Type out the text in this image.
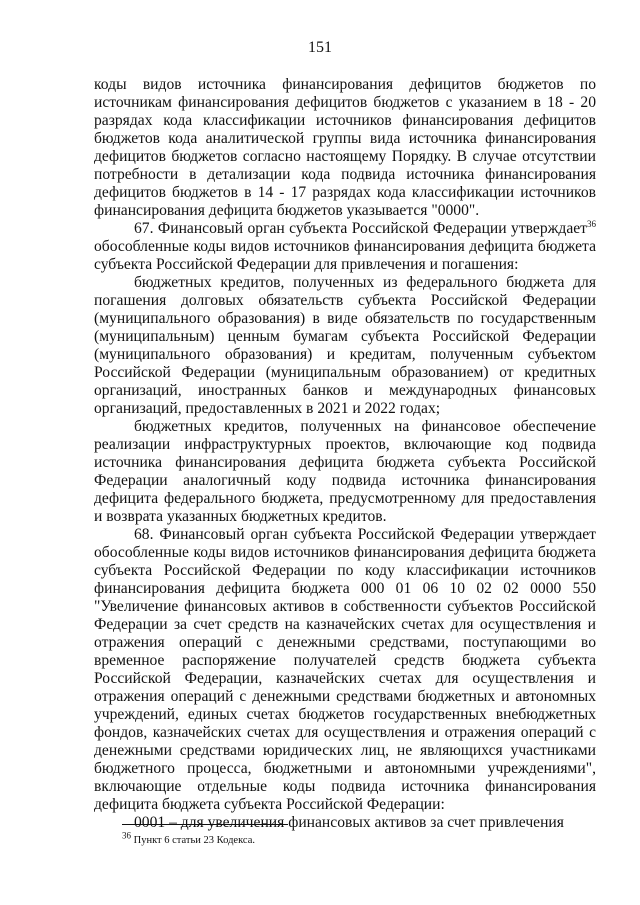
151

коды видов источника финансирования дефицитов бюджетов по источникам финансирования дефицитов бюджетов с указанием в 18 - 20 разрядах кода классификации источников финансирования дефицитов бюджетов кода аналитической группы вида источника финансирования дефицитов бюджетов согласно настоящему Порядку. В случае отсутствии потребности в детализации кода подвида источника финансирования дефицитов бюджетов в 14 - 17 разрядах кода классификации источников финансирования дефицита бюджетов указывается "0000".

67. Финансовый орган субъекта Российской Федерации утверждает$^{36}$ обособленные коды видов источников финансирования дефицита бюджета субъекта Российской Федерации для привлечения и погашения:

бюджетных кредитов, полученных из федерального бюджета для погашения долговых обязательств субъекта Российской Федерации (муниципального образования) в виде обязательств по государственным (муниципальным) ценным бумагам субъекта Российской Федерации (муниципального образования) и кредитам, полученным субъектом Российской Федерации (муниципальным образованием) от кредитных организаций, иностранных банков и международных финансовых организаций, предоставленных в 2021 и 2022 годах;

бюджетных кредитов, полученных на финансовое обеспечение реализации инфраструктурных проектов, включающие код подвида источника финансирования дефицита бюджета субъекта Российской Федерации аналогичный коду подвида источника финансирования дефицита федерального бюджета, предусмотренному для предоставления и возврата указанных бюджетных кредитов.

68. Финансовый орган субъекта Российской Федерации утверждает обособленные коды видов источников финансирования дефицита бюджета субъекта Российской Федерации по коду классификации источников финансирования дефицита бюджета 000 01 06 10 02 02 0000 550 "Увеличение финансовых активов в собственности субъектов Российской Федерации за счет средств на казначейских счетах для осуществления и отражения операций с денежными средствами, поступающими во временное распоряжение получателей средств бюджета субъекта Российской Федерации, казначейских счетах для осуществления и отражения операций с денежными средствами бюджетных и автономных учреждений, единых счетах бюджетов государственных внебюджетных фондов, казначейских счетах для осуществления и отражения операций с денежными средствами юридических лиц, не являющихся участниками бюджетного процесса, бюджетными и автономными учреждениями", включающие отдельные коды подвида источника финансирования дефицита бюджета субъекта Российской Федерации:

0001 – для увеличения финансовых активов за счет привлечения

$^{36}$ Пункт 6 статьи 23 Кодекса.
